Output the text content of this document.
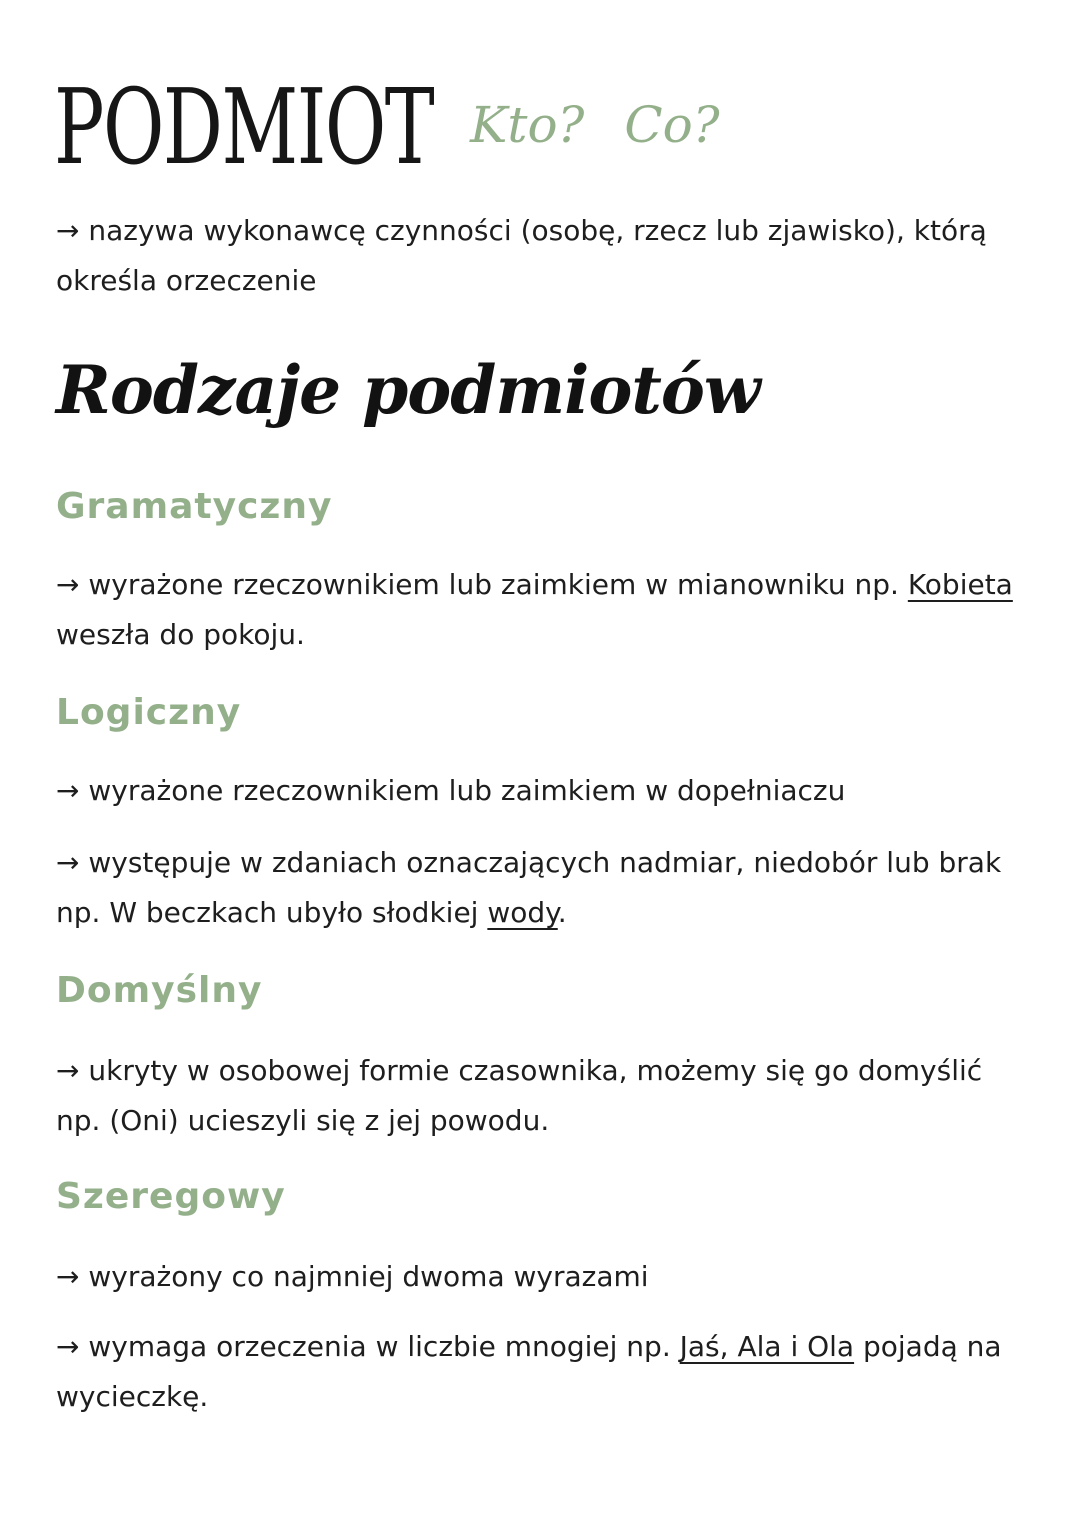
PODMIOT Kto? Co?

→ nazywa wykonawcę czynności (osobę, rzecz lub zjawisko), którą określa orzeczenie

Rodzaje podmiotów
Gramatyczny

→ wyrażone rzeczownikiem lub zaimkiem w mianowniku np. Kobieta weszła do pokoju.

Logiczny

→ wyrażone rzeczownikiem lub zaimkiem w dopełniaczu

→ występuje w zdaniach oznaczających nadmiar, niedobór lub brak np. W beczkach ubyło słodkiej wody.

Domyślny

→ ukryty w osobowej formie czasownika, możemy się go domyślić np. (Oni) ucieszyli się z jej powodu.

Szeregowy

→ wyrażony co najmniej dwoma wyrazami

→ wymaga orzeczenia w liczbie mnogiej np. Jaś, Ala i Ola pojadą na wycieczkę.
